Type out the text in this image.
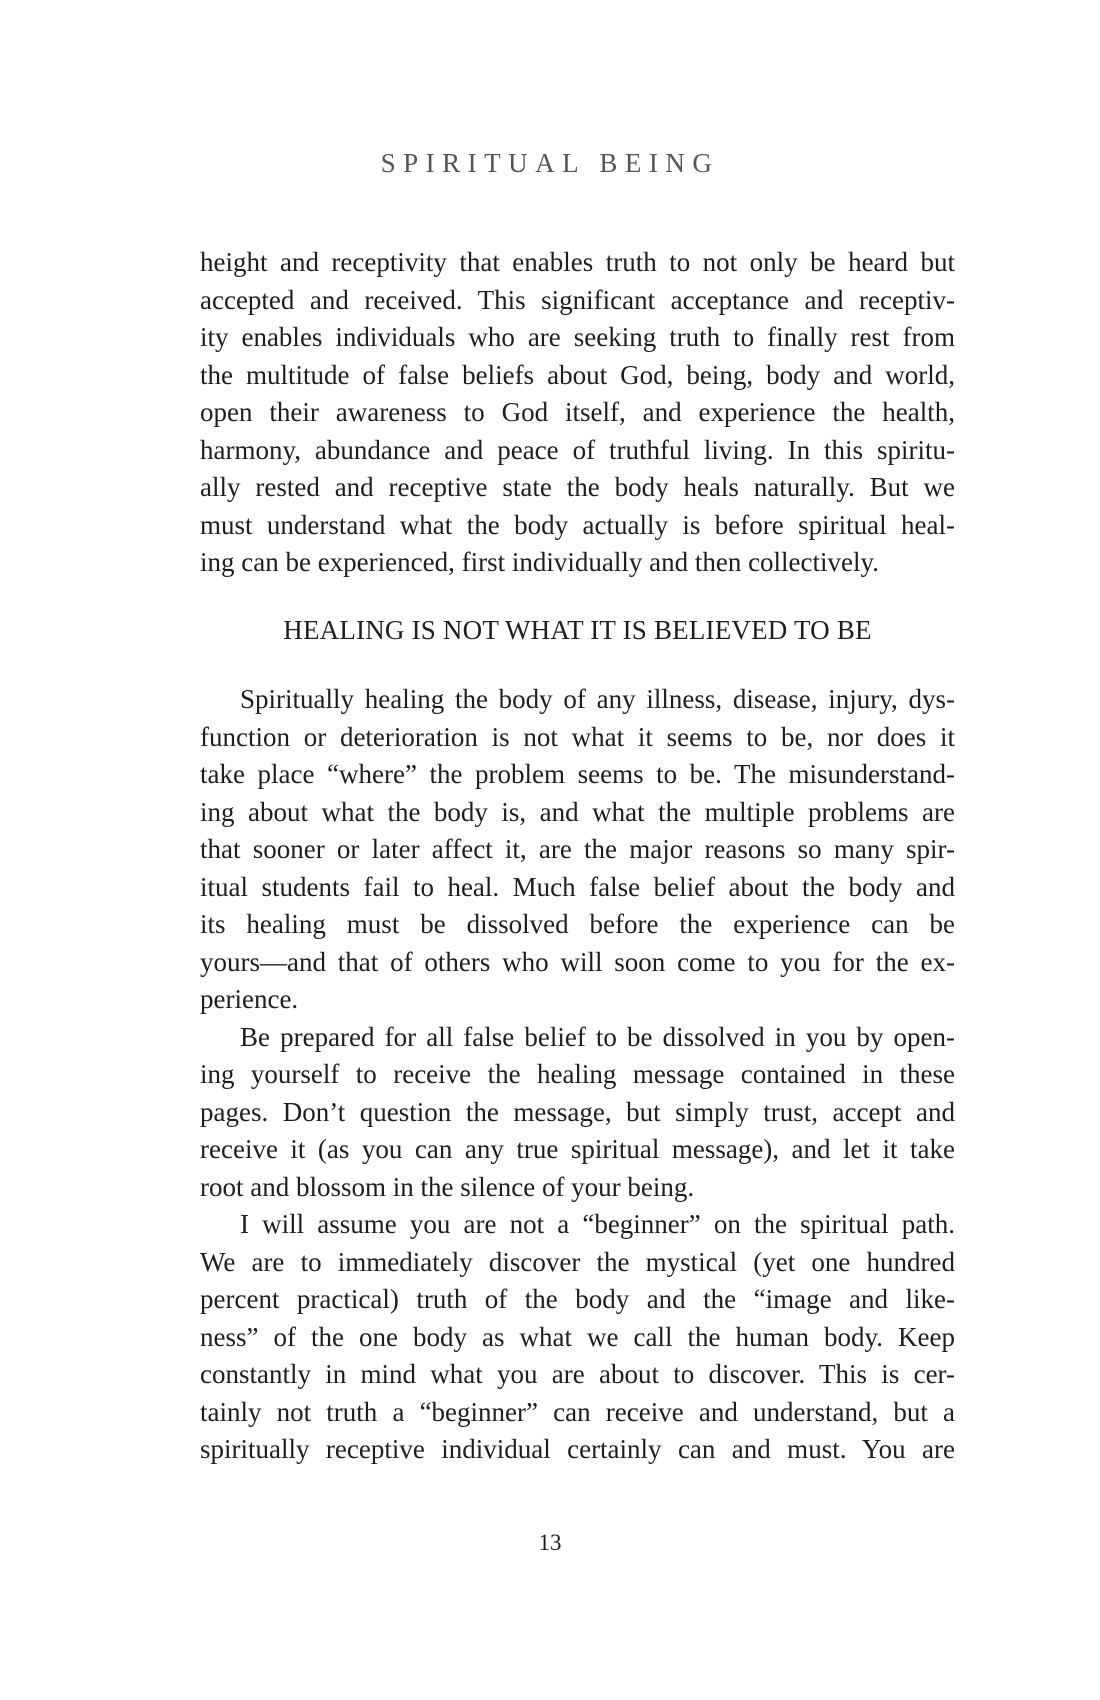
SPIRITUAL BEING
height and receptivity that enables truth to not only be heard but
accepted and received. This significant acceptance and receptiv-
ity enables individuals who are seeking truth to finally rest from
the multitude of false beliefs about God, being, body and world,
open their awareness to God itself, and experience the health,
harmony, abundance and peace of truthful living. In this spiritu-
ally rested and receptive state the body heals naturally. But we
must understand what the body actually is before spiritual heal-
ing can be experienced, first individually and then collectively.
HEALING IS NOT WHAT IT IS BELIEVED TO BE
Spiritually healing the body of any illness, disease, injury, dys-
function or deterioration is not what it seems to be, nor does it
take place “where” the problem seems to be. The misunderstand-
ing about what the body is, and what the multiple problems are
that sooner or later affect it, are the major reasons so many spir-
itual students fail to heal. Much false belief about the body and
its healing must be dissolved before the experience can be
yours—and that of others who will soon come to you for the ex-
perience.
Be prepared for all false belief to be dissolved in you by open-
ing yourself to receive the healing message contained in these
pages. Don’t question the message, but simply trust, accept and
receive it (as you can any true spiritual message), and let it take
root and blossom in the silence of your being.
I will assume you are not a “beginner” on the spiritual path.
We are to immediately discover the mystical (yet one hundred
percent practical) truth of the body and the “image and like-
ness” of the one body as what we call the human body. Keep
constantly in mind what you are about to discover. This is cer-
tainly not truth a “beginner” can receive and understand, but a
spiritually receptive individual certainly can and must. You are
13
